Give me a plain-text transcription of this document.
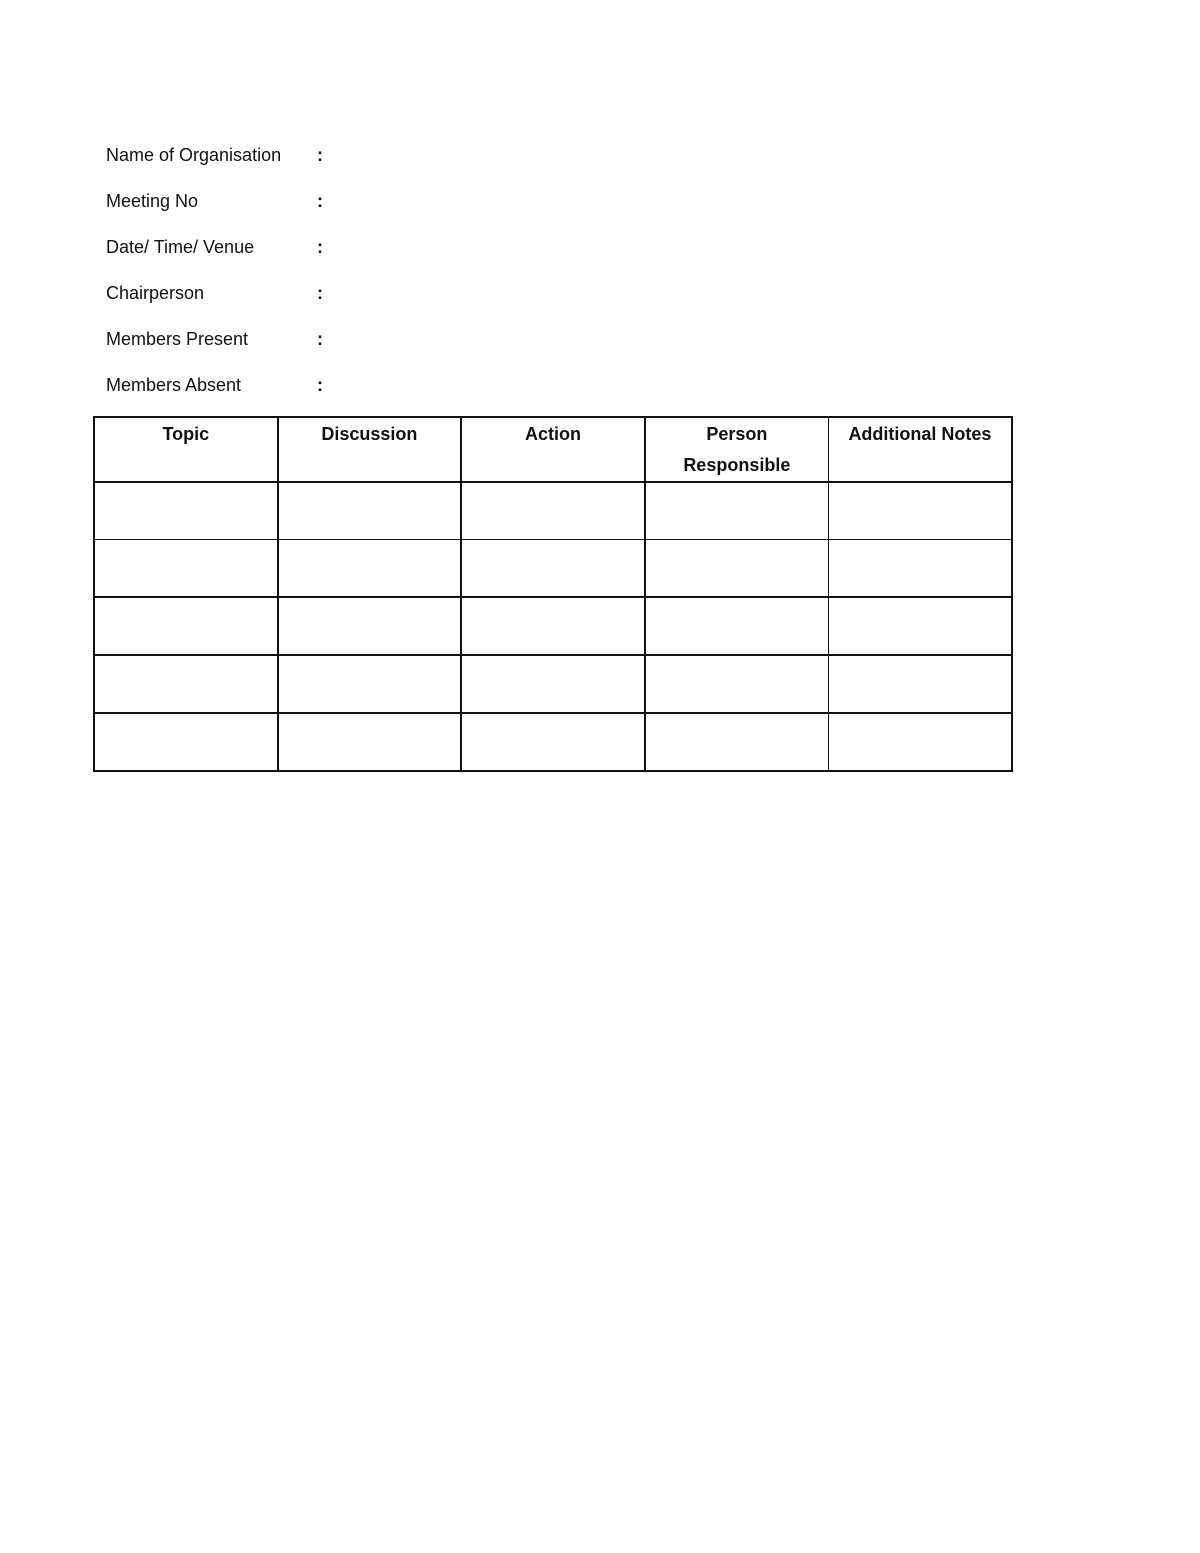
Name of Organisation :
Meeting No	:
Date/ Time/ Venue	:
Chairperson	:
Members Present	:
Members Absent	:
Topic	Discussion	Action	Person Responsible	Additional Notes
